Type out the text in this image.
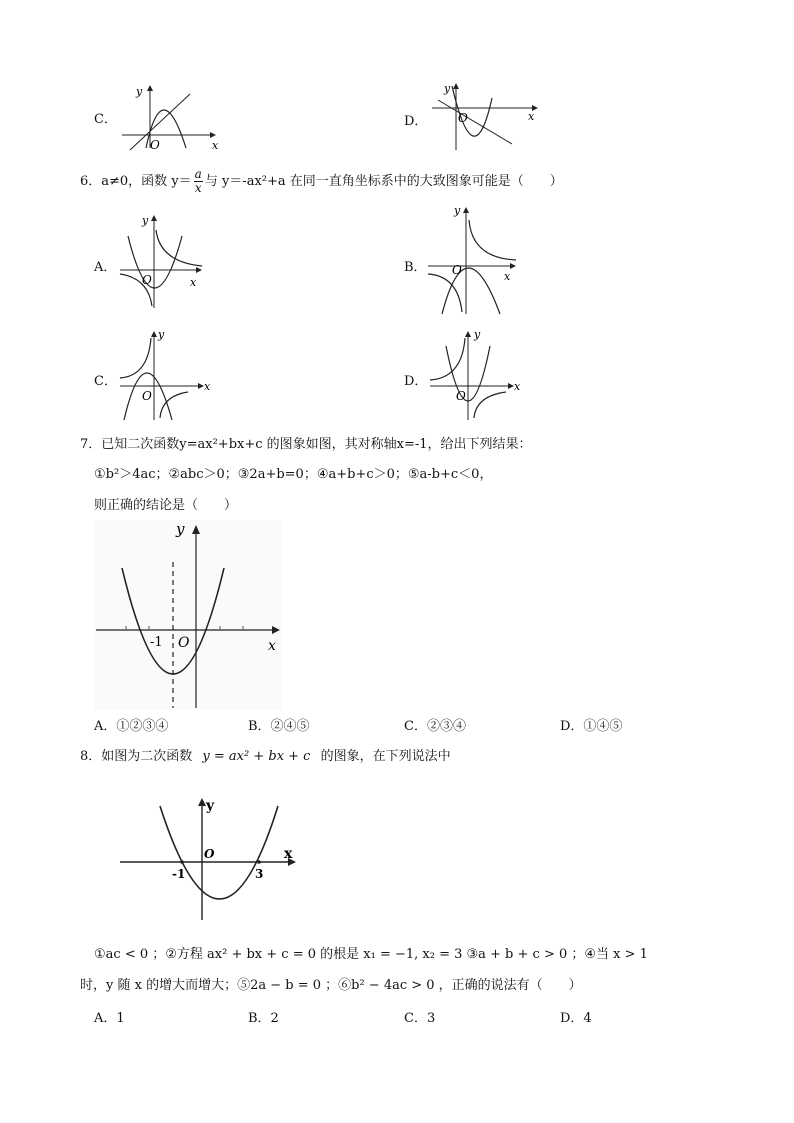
C．
y
O	x
D．
y
O	x
6．a≠0，函数 $y= \frac{a}{x}$ 与 y＝-ax²+a 在同一直角坐标系中的大致图象可能是（　　）
A．
y
O	x
B．
y
O	x
C．
y
O
x	D．
y
O
x
7．已知二次函数y=ax²+bx+c 的图象如图，其对称轴x=-1，给出下列结果：
①b²＞4ac；②abc＞0；③2a+b=0；④a+b+c＞0；⑤a-b+c＜0，
则正确的结论是（　　）
y
x
-1 O
A．①②③④	B．②④⑤	C．②③④	D．①④⑤
8．如图为二次函数 y = ax² + bx + c 的图象，在下列说法中
y
x
O
-1	3
①ac < 0 ；②方程 ax² + bx + c = 0 的根是 x₁ = −1, x₂ = 3 ③a + b + c > 0 ；④当 x > 1
时，y 随 x 的增大而增大；⑤2a − b = 0 ；⑥b² − 4ac > 0 ，正确的说法有（　　）
A．1	B．2	C．3	D．4
